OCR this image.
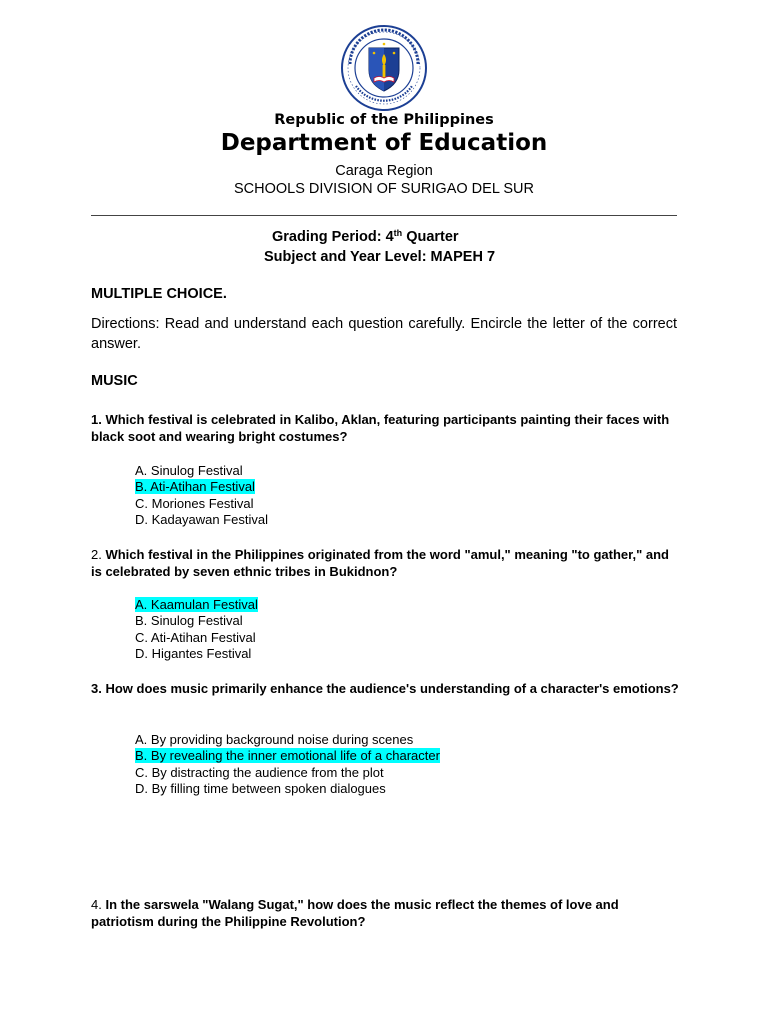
Republic of the Philippines
Department of Education
Caraga Region
SCHOOLS DIVISION OF SURIGAO DEL SUR
Grading Period: 4th Quarter
Subject and Year Level: MAPEH 7
MULTIPLE CHOICE.
Directions: Read and understand each question carefully. Encircle the letter of the correct answer.
MUSIC
1. Which festival is celebrated in Kalibo, Aklan, featuring participants painting their faces with black soot and wearing bright costumes?
A. Sinulog Festival
B. Ati-Atihan Festival
C. Moriones Festival
D. Kadayawan Festival
2. Which festival in the Philippines originated from the word "amul," meaning "to gather," and is celebrated by seven ethnic tribes in Bukidnon?
A. Kaamulan Festival
B. Sinulog Festival
C. Ati-Atihan Festival
D. Higantes Festival
3. How does music primarily enhance the audience's understanding of a character's emotions?
A. By providing background noise during scenes
B. By revealing the inner emotional life of a character
C. By distracting the audience from the plot
D. By filling time between spoken dialogues
4. In the sarswela "Walang Sugat," how does the music reflect the themes of love and patriotism during the Philippine Revolution?
